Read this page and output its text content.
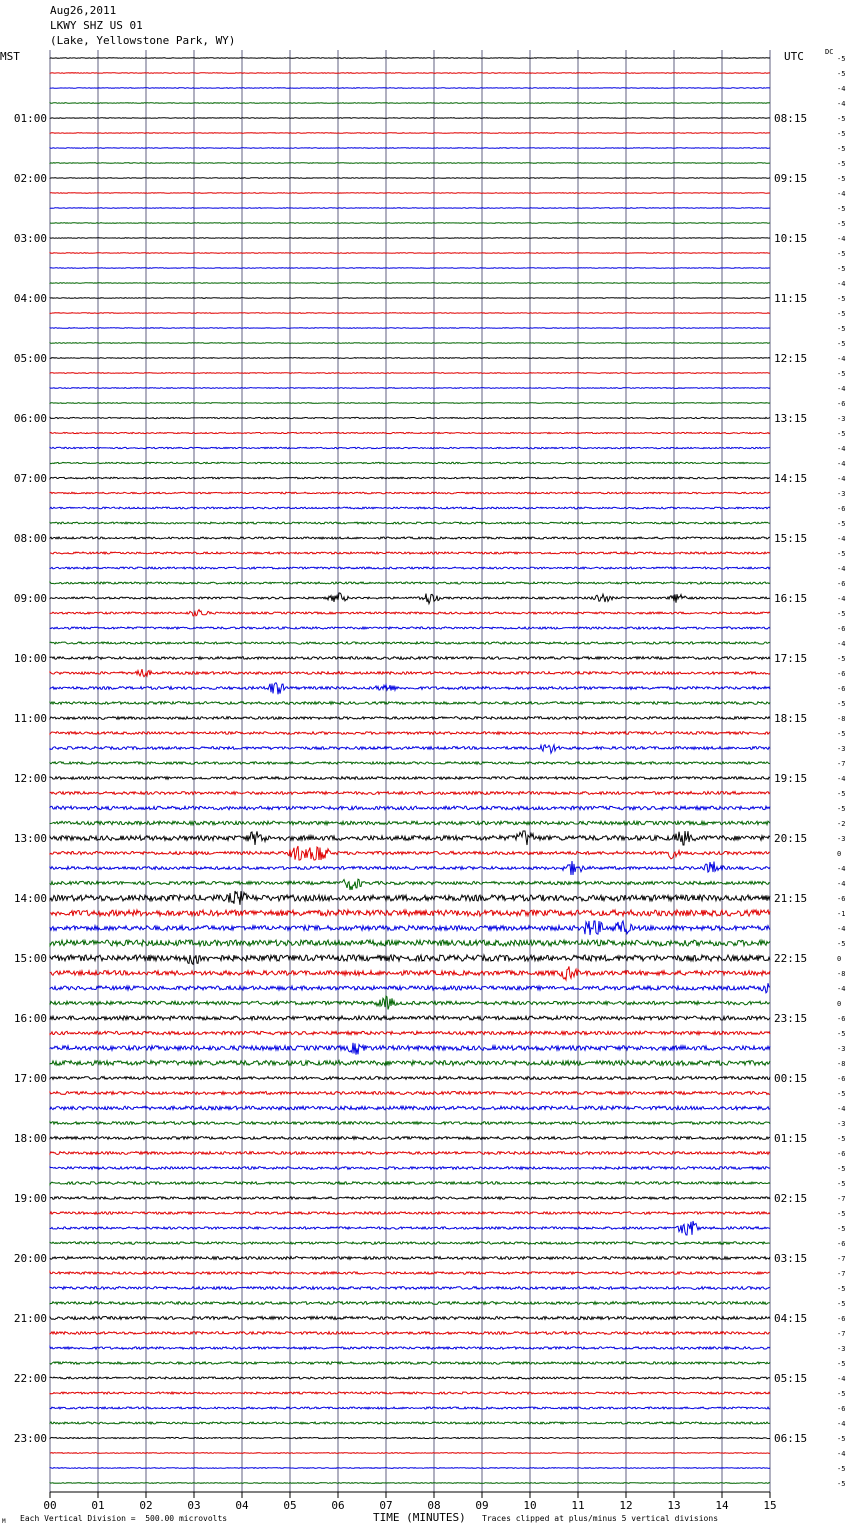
Aug26,2011
LKWY SHZ US 01
(Lake, Yellowstone Park, WY)
MST	UTC	DC
-5
-5
-4
-4
-5
-5
-5
-5
-5
-4
-5
-5
-4
-5
-5
-4
-5
-5
-5
-5
-4
-5
-4
-6
-3
-5
-4
-4
-4
-3
-6
-5
-4
-5
-4
-6
-4
-5
-6
-4
-5
-6
-6
-5
-8
-5
-3
-7
-4
-5
-5
-2
-3
0
-4
-4
-6
-1
-4
-5
0
-8
-4
0
-6
-5
-3
-8
-6
-5
-4
-3
-5
-6
-5
-5
-7
-5
-5
-6
-7
-7
-5
-5
-6
-7
-3
-5
-4
-5
-6
-4
-5
-4
-5
-5
01:00	08:15
02:00	09:15
03:00	10:15
04:00	11:15
05:00	12:15
06:00	13:15
07:00	14:15
08:00	15:15
09:00	16:15
10:00	17:15
11:00	18:15
12:00	19:15
13:00	20:15
14:00	21:15
15:00	22:15
16:00	23:15
17:00	00:15
18:00	01:15
19:00	02:15
20:00	03:15
21:00	04:15
22:00	05:15
23:00	06:15
00	01	02	03	04	05	06	07	08	09	10	11	12	13	14	15
Each Vertical Division =  500.00 microvolts	TIME (MINUTES) Traces clipped at plus/minus 5 vertical divisions
M
